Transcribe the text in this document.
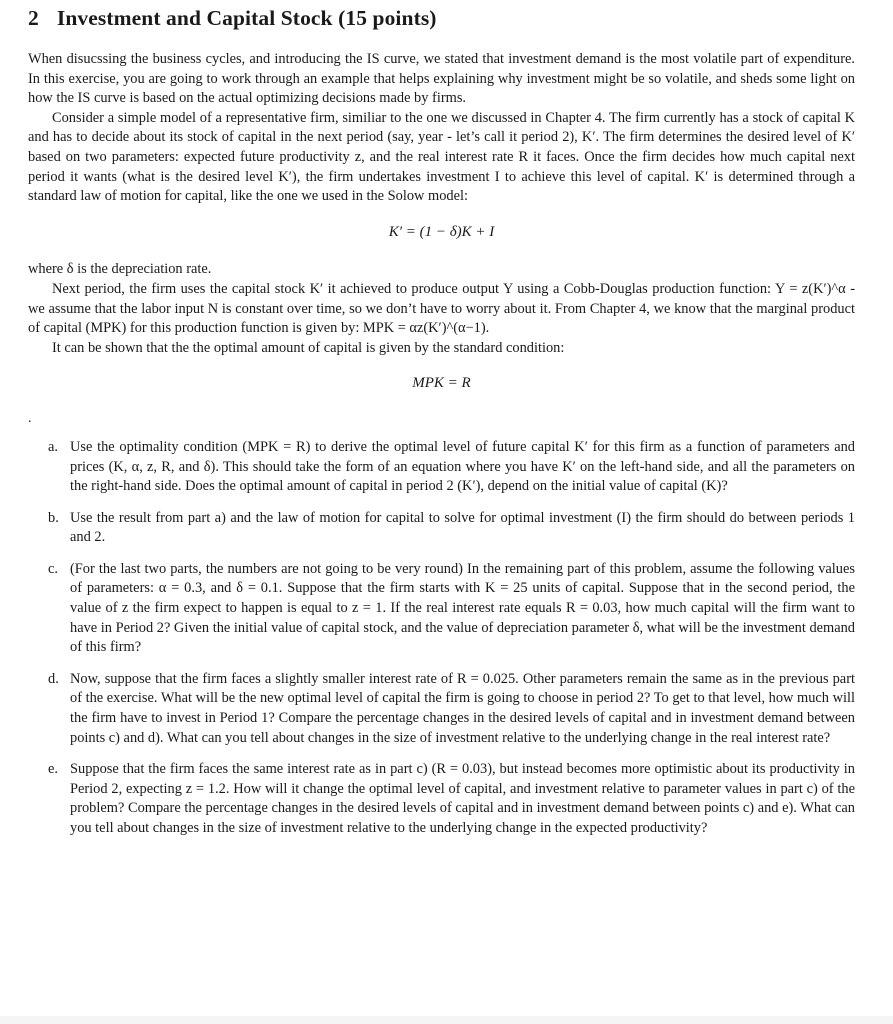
2 Investment and Capital Stock (15 points)

When disucssing the business cycles, and introducing the IS curve, we stated that investment demand is the most volatile part of expenditure. In this exercise, you are going to work through an example that helps explaining why investment might be so volatile, and sheds some light on how the IS curve is based on the actual optimizing decisions made by firms.

Consider a simple model of a representative firm, similiar to the one we discussed in Chapter 4. The firm currently has a stock of capital K and has to decide about its stock of capital in the next period (say, year - let’s call it period 2), K′. The firm determines the desired level of K′ based on two parameters: expected future productivity z, and the real interest rate R it faces. Once the firm decides how much capital next period it wants (what is the desired level K′), the firm undertakes investment I to achieve this level of capital. K′ is determined through a standard law of motion for capital, like the one we used in the Solow model:

K′ = (1 − δ)K + I

where δ is the depreciation rate.

Next period, the firm uses the capital stock K′ it achieved to produce output Y using a Cobb-Douglas production function: Y = z(K′)^α - we assume that the labor input N is constant over time, so we don’t have to worry about it. From Chapter 4, we know that the marginal product of capital (MPK) for this production function is given by: MPK = αz(K′)^(α−1).

It can be shown that the the optimal amount of capital is given by the standard condition:

MPK = R
.
a. Use the optimality condition (MPK = R) to derive the optimal level of future capital K′ for this firm as a function of parameters and prices (K, α, z, R, and δ). This should take the form of an equation where you have K′ on the left-hand side, and all the parameters on the right-hand side. Does the optimal amount of capital in period 2 (K′), depend on the initial value of capital (K)?
b. Use the result from part a) and the law of motion for capital to solve for optimal investment (I) the firm should do between periods 1 and 2.
c. (For the last two parts, the numbers are not going to be very round) In the remaining part of this problem, assume the following values of parameters: α = 0.3, and δ = 0.1. Suppose that the firm starts with K = 25 units of capital. Suppose that in the second period, the value of z the firm expect to happen is equal to z = 1. If the real interest rate equals R = 0.03, how much capital will the firm want to have in Period 2? Given the initial value of capital stock, and the value of depreciation parameter δ, what will be the investment demand of this firm?
d. Now, suppose that the firm faces a slightly smaller interest rate of R = 0.025. Other parameters remain the same as in the previous part of the exercise. What will be the new optimal level of capital the firm is going to choose in period 2? To get to that level, how much will the firm have to invest in Period 1? Compare the percentage changes in the desired levels of capital and in investment demand between points c) and d). What can you tell about changes in the size of investment relative to the underlying change in the real interest rate?
e. Suppose that the firm faces the same interest rate as in part c) (R = 0.03), but instead becomes more optimistic about its productivity in Period 2, expecting z = 1.2. How will it change the optimal level of capital, and investment relative to parameter values in part c) of the problem? Compare the percentage changes in the desired levels of capital and in investment demand between points c) and e). What can you tell about changes in the size of investment relative to the underlying change in the expected productivity?
